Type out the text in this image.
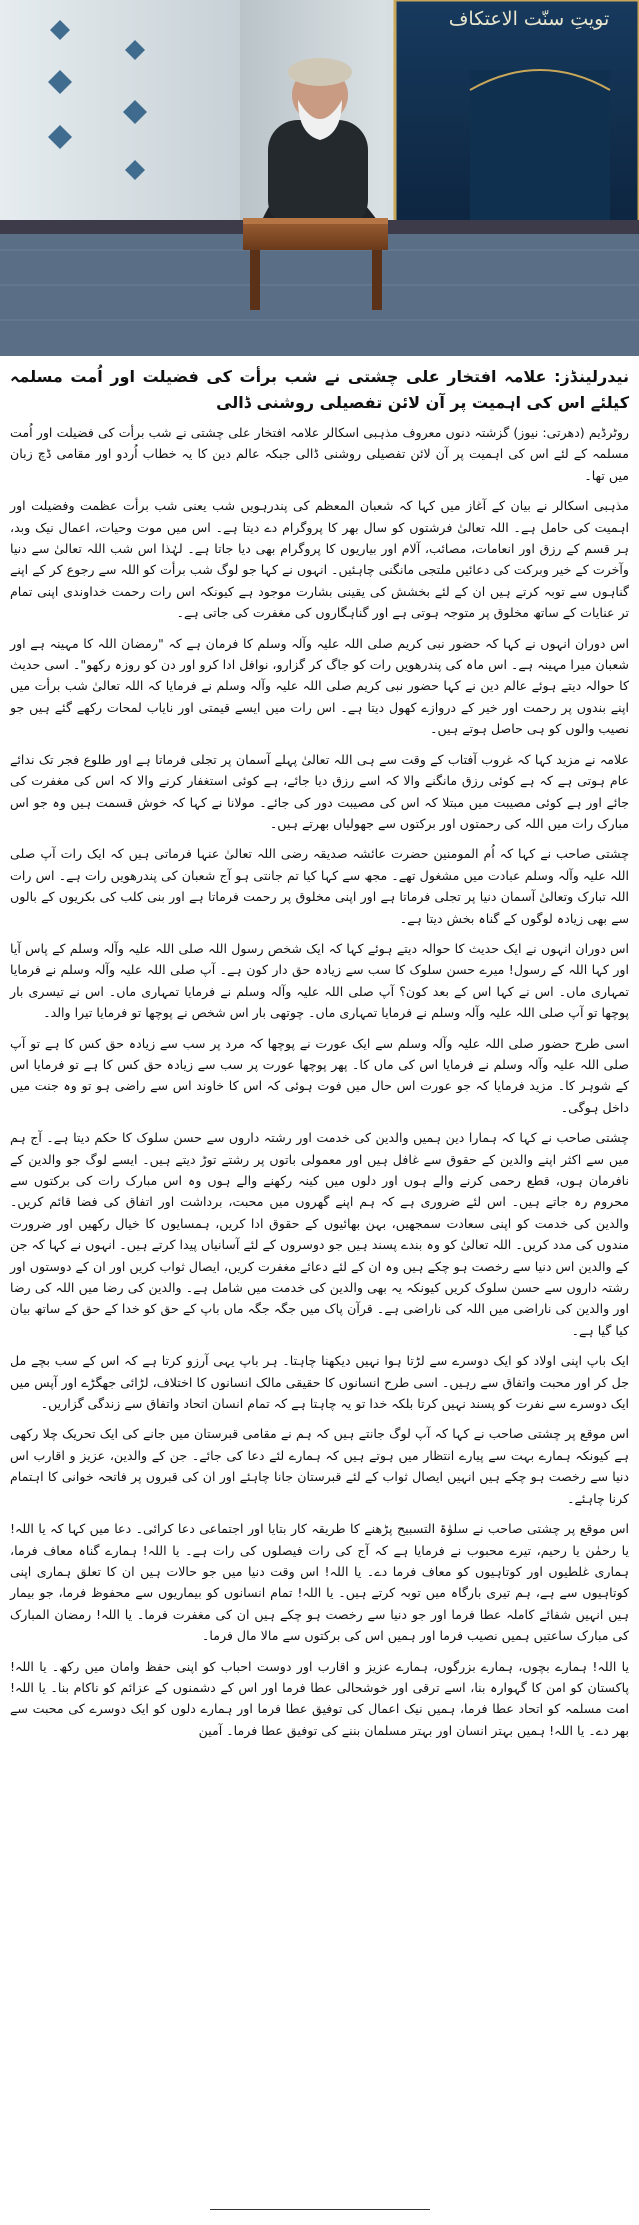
تویتِ سنّت الاعتکاف

نیدرلینڈز: علامہ افتخار علی چشتی نے شب برأت کی فضیلت اور اُمت مسلمہ کیلئے اس کی اہمیت پر آن لائن تفصیلی روشنی ڈالی

روٹرڈیم (دھرتی: نیوز) گزشتہ دنوں معروف مذہبی اسکالر علامہ افتخار علی چشتی نے شب برأت کی فضیلت اور اُمت مسلمہ کے لئے اس کی اہمیت پر آن لائن تفصیلی روشنی ڈالی جبکہ عالم دین کا یہ خطاب اُردو اور مقامی ڈچ زبان میں تھا۔

مذہبی اسکالر نے بیان کے آغاز میں کہا کہ شعبان المعظم کی پندرہویں شب یعنی شب برأت عظمت وفضیلت اور اہمیت کی حامل ہے۔ اللہ تعالیٰ فرشتوں کو سال بھر کا پروگرام دے دیتا ہے۔ اس میں موت وحیات، اعمال نیک وبد، ہر قسم کے رزق اور انعامات، مصائب، آلام اور بیاریوں کا پروگرام بھی دیا جاتا ہے۔ لہٰذا اس شب اللہ تعالیٰ سے دنیا وآخرت کے خیر وبرکت کی دعائیں ملتجی مانگنی چاہئیں۔ انہوں نے کہا جو لوگ شب برأت کو اللہ سے رجوع کر کے اپنے گناہوں سے توبہ کرتے ہیں ان کے لئے بخشش کی یقینی بشارت موجود ہے کیونکہ اس رات رحمت خداوندی اپنی تمام تر عنایات کے ساتھ مخلوق پر متوجہ ہوتی ہے اور گناہگاروں کی مغفرت کی جاتی ہے۔

اس دوران انہوں نے کہا کہ حضور نبی کریم صلی اللہ علیہ وآلہ وسلم کا فرمان ہے کہ "رمضان اللہ کا مہینہ ہے اور شعبان میرا مہینہ ہے۔ اس ماہ کی پندرھویں رات کو جاگ کر گزارو، نوافل ادا کرو اور دن کو روزہ رکھو"۔ اسی حدیث کا حوالہ دیتے ہوئے عالم دین نے کہا حضور نبی کریم صلی اللہ علیہ وآلہ وسلم نے فرمایا کہ اللہ تعالیٰ شب برأت میں اپنے بندوں پر رحمت اور خیر کے دروازے کھول دیتا ہے۔ اس رات میں ایسے قیمتی اور نایاب لمحات رکھے گئے ہیں جو نصیب والوں کو ہی حاصل ہوتے ہیں۔

علامہ نے مزید کہا کہ غروب آفتاب کے وقت سے ہی اللہ تعالیٰ پہلے آسمان پر تجلی فرماتا ہے اور طلوع فجر تک ندائے عام ہوتی ہے کہ ہے کوئی رزق مانگنے والا کہ اسے رزق دیا جائے، ہے کوئی استغفار کرنے والا کہ اس کی مغفرت کی جائے اور ہے کوئی مصیبت میں مبتلا کہ اس کی مصیبت دور کی جائے۔ مولانا نے کہا کہ خوش قسمت ہیں وہ جو اس مبارک رات میں اللہ کی رحمتوں اور برکتوں سے جھولیاں بھرتے ہیں۔

چشتی صاحب نے کہا کہ اُم المومنین حضرت عائشہ صدیقہ رضی اللہ تعالیٰ عنہا فرماتی ہیں کہ ایک رات آپ صلی اللہ علیہ وآلہ وسلم عبادت میں مشغول تھے۔ مجھ سے کہا کیا تم جانتی ہو آج شعبان کی پندرھویں رات ہے۔ اس رات اللہ تبارک وتعالیٰ آسمان دنیا پر تجلی فرماتا ہے اور اپنی مخلوق پر رحمت فرماتا ہے اور بنی کلب کی بکریوں کے بالوں سے بھی زیادہ لوگوں کے گناہ بخش دیتا ہے۔

اس دوران انہوں نے ایک حدیث کا حوالہ دیتے ہوئے کہا کہ ایک شخص رسول اللہ صلی اللہ علیہ وآلہ وسلم کے پاس آیا اور کہا اللہ کے رسول! میرے حسن سلوک کا سب سے زیادہ حق دار کون ہے۔ آپ صلی اللہ علیہ وآلہ وسلم نے فرمایا تمہاری ماں۔ اس نے کہا اس کے بعد کون؟ آپ صلی اللہ علیہ وآلہ وسلم نے فرمایا تمہاری ماں۔ اس نے تیسری بار پوچھا تو آپ صلی اللہ علیہ وآلہ وسلم نے فرمایا تمہاری ماں۔ چوتھی بار اس شخص نے پوچھا تو فرمایا تیرا والد۔

اسی طرح حضور صلی اللہ علیہ وآلہ وسلم سے ایک عورت نے پوچھا کہ مرد پر سب سے زیادہ حق کس کا ہے تو آپ صلی اللہ علیہ وآلہ وسلم نے فرمایا اس کی ماں کا۔ پھر پوچھا عورت پر سب سے زیادہ حق کس کا ہے تو فرمایا اس کے شوہر کا۔ مزید فرمایا کہ جو عورت اس حال میں فوت ہوئی کہ اس کا خاوند اس سے راضی ہو تو وہ جنت میں داخل ہوگی۔

چشتی صاحب نے کہا کہ ہمارا دین ہمیں والدین کی خدمت اور رشتہ داروں سے حسن سلوک کا حکم دیتا ہے۔ آج ہم میں سے اکثر اپنے والدین کے حقوق سے غافل ہیں اور معمولی باتوں پر رشتے توڑ دیتے ہیں۔ ایسے لوگ جو والدین کے نافرمان ہوں، قطع رحمی کرنے والے ہوں اور دلوں میں کینہ رکھنے والے ہوں وہ اس مبارک رات کی برکتوں سے محروم رہ جاتے ہیں۔ اس لئے ضروری ہے کہ ہم اپنے گھروں میں محبت، برداشت اور اتفاق کی فضا قائم کریں۔ والدین کی خدمت کو اپنی سعادت سمجھیں، بہن بھائیوں کے حقوق ادا کریں، ہمسایوں کا خیال رکھیں اور ضرورت مندوں کی مدد کریں۔ اللہ تعالیٰ کو وہ بندے پسند ہیں جو دوسروں کے لئے آسانیاں پیدا کرتے ہیں۔ انہوں نے کہا کہ جن کے والدین اس دنیا سے رخصت ہو چکے ہیں وہ ان کے لئے دعائے مغفرت کریں، ایصال ثواب کریں اور ان کے دوستوں اور رشتہ داروں سے حسن سلوک کریں کیونکہ یہ بھی والدین کی خدمت میں شامل ہے۔ والدین کی رضا میں اللہ کی رضا اور والدین کی ناراضی میں اللہ کی ناراضی ہے۔ قرآن پاک میں جگہ جگہ ماں باپ کے حق کو خدا کے حق کے ساتھ بیان کیا گیا ہے۔

ایک باپ اپنی اولاد کو ایک دوسرے سے لڑتا ہوا نہیں دیکھنا چاہتا۔ ہر باپ یہی آرزو کرتا ہے کہ اس کے سب بچے مل جل کر اور محبت واتفاق سے رہیں۔ اسی طرح انسانوں کا حقیقی مالک انسانوں کا اختلاف، لڑائی جھگڑے اور آپس میں ایک دوسرے سے نفرت کو پسند نہیں کرتا بلکہ خدا تو یہ چاہتا ہے کہ تمام انسان اتحاد واتفاق سے زندگی گزاریں۔

اس موقع پر چشتی صاحب نے کہا کہ آپ لوگ جانتے ہیں کہ ہم نے مقامی قبرستان میں جانے کی ایک تحریک چلا رکھی ہے کیونکہ ہمارے بہت سے پیارے انتظار میں ہوتے ہیں کہ ہمارے لئے دعا کی جائے۔ جن کے والدین، عزیز و اقارب اس دنیا سے رخصت ہو چکے ہیں انہیں ایصال ثواب کے لئے قبرستان جانا چاہئے اور ان کی قبروں پر فاتحہ خوانی کا اہتمام کرنا چاہئے۔

اس موقع پر چشتی صاحب نے سلوٰۃ التسبیح پڑھنے کا طریقہ کار بتایا اور اجتماعی دعا کرائی۔ دعا میں کہا کہ یا اللہ! یا رحمٰن یا رحیم، تیرے محبوب نے فرمایا ہے کہ آج کی رات فیصلوں کی رات ہے۔ یا اللہ! ہمارے گناہ معاف فرما، ہماری غلطیوں اور کوتاہیوں کو معاف فرما دے۔ یا اللہ! اس وقت دنیا میں جو حالات ہیں ان کا تعلق ہماری اپنی کوتاہیوں سے ہے، ہم تیری بارگاہ میں توبہ کرتے ہیں۔ یا اللہ! تمام انسانوں کو بیماریوں سے محفوظ فرما، جو بیمار ہیں انہیں شفائے کاملہ عطا فرما اور جو دنیا سے رخصت ہو چکے ہیں ان کی مغفرت فرما۔ یا اللہ! رمضان المبارک کی مبارک ساعتیں ہمیں نصیب فرما اور ہمیں اس کی برکتوں سے مالا مال فرما۔

یا اللہ! ہمارے بچوں، ہمارے بزرگوں، ہمارے عزیز و اقارب اور دوست احباب کو اپنی حفظ وامان میں رکھ۔ یا اللہ! پاکستان کو امن کا گہوارہ بنا، اسے ترقی اور خوشحالی عطا فرما اور اس کے دشمنوں کے عزائم کو ناکام بنا۔ یا اللہ! امت مسلمہ کو اتحاد عطا فرما، ہمیں نیک اعمال کی توفیق عطا فرما اور ہمارے دلوں کو ایک دوسرے کی محبت سے بھر دے۔ یا اللہ! ہمیں بہتر انسان اور بہتر مسلمان بننے کی توفیق عطا فرما۔ آمین
